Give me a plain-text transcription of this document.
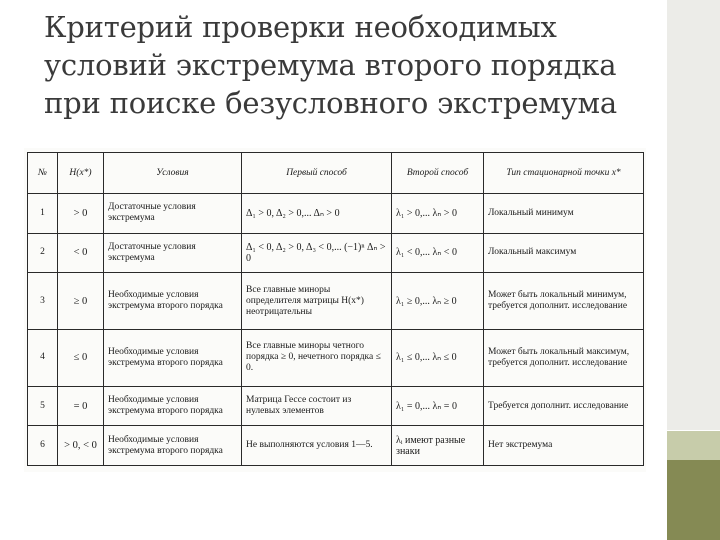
Критерий проверки необходимых условий экстремума второго порядка при поиске безусловного экстремума
№	H(x*)	Условия	Первый способ	Второй способ	Тип стационарной точки x*
1	> 0	Достаточные условия экстремума	Δ₁ > 0, Δ₂ > 0,... Δₙ > 0	λ₁ > 0,... λₙ > 0	Локальный минимум
2	< 0	Достаточные условия экстремума	Δ₁ < 0, Δ₂ > 0, Δ₃ < 0,... (−1)ⁿ Δₙ > 0	λ₁ < 0,... λₙ < 0	Локальный максимум
3	≥ 0	Необходимые условия экстремума второго порядка	Все главные миноры определителя матрицы H(x*) неотрицательны	λ₁ ≥ 0,... λₙ ≥ 0	Может быть локальный минимум, требуется дополнит. исследование
4	≤ 0	Необходимые условия экстремума второго порядка	Все главные миноры четного порядка ≥ 0, нечетного порядка ≤ 0.	λ₁ ≤ 0,... λₙ ≤ 0	Может быть локальный максимум, требуется дополнит. исследование
5	= 0	Необходимые условия экстремума второго порядка	Матрица Гессе состоит из нулевых элементов	λ₁ = 0,... λₙ = 0	Требуется дополнит. исследование
6	> 0, < 0	Необходимые условия экстремума второго порядка	Не выполняются условия 1—5.	λᵢ имеют разные знаки	Нет экстремума
